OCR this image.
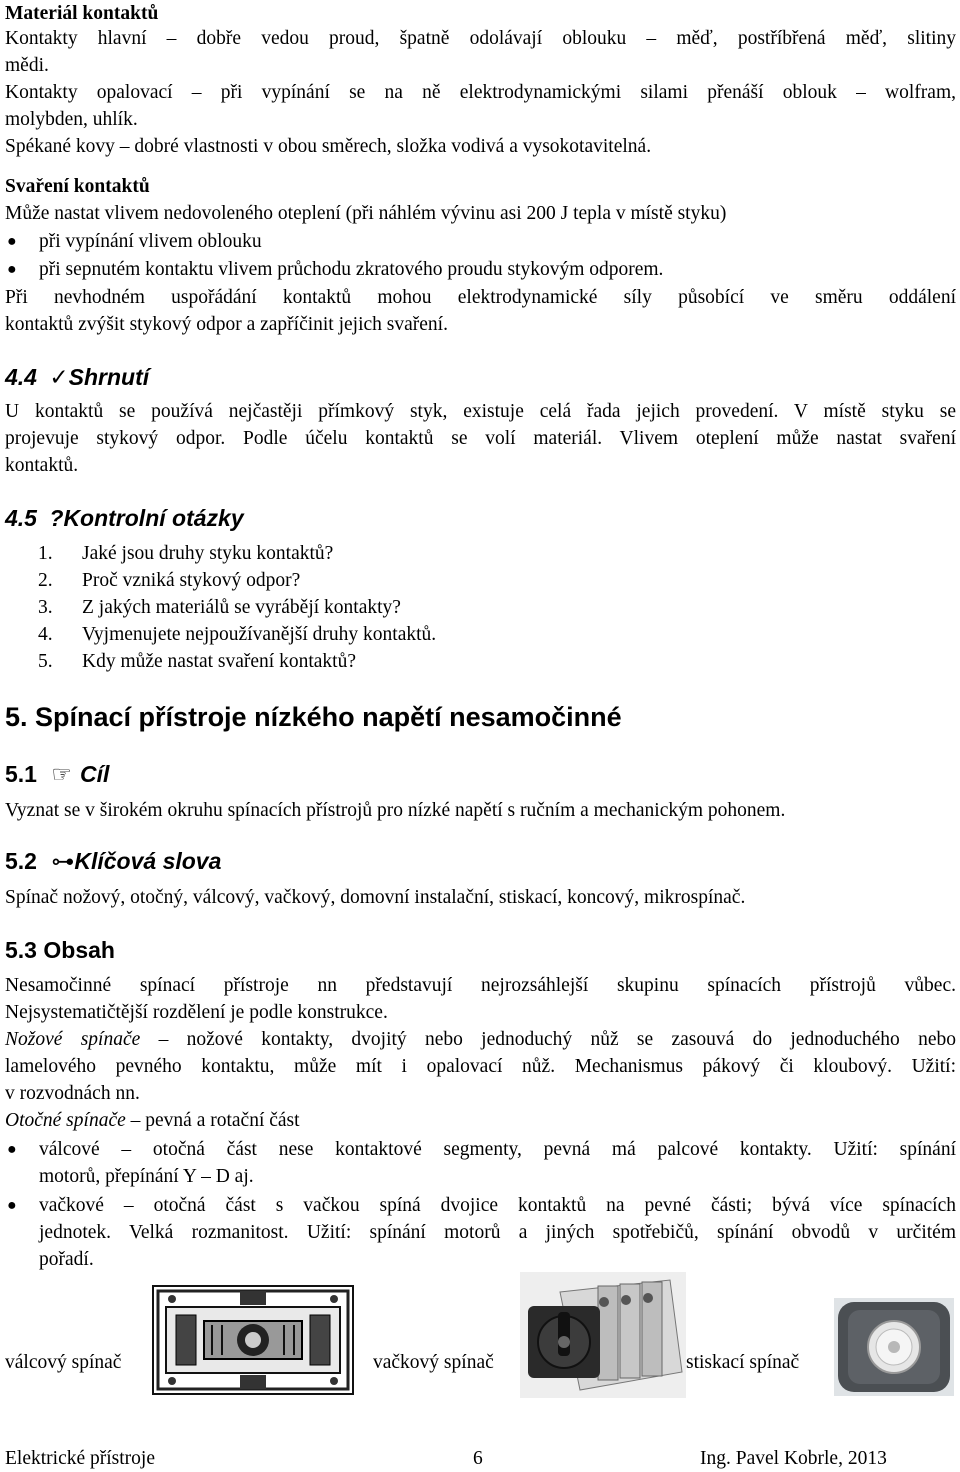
Materiál kontaktů
Kontakty hlavní – dobře vedou proud, špatně odolávají oblouku – měď, postříbřená měď, slitiny
mědi.
Kontakty opalovací – při vypínání se na ně elektrodynamickými silami přenáší oblouk – wolfram,
molybden, uhlík.
Spékané kovy – dobré vlastnosti v obou směrech, složka vodivá a vysokotavitelná.
Svaření kontaktů
Může nastat vlivem nedovoleného oteplení (při náhlém vývinu asi 200 J tepla v místě styku)
● při vypínání vlivem oblouku
● při sepnutém kontaktu vlivem průchodu zkratového proudu stykovým odporem.
Při nevhodném uspořádání kontaktů mohou elektrodynamické síly působící ve směru oddálení
kontaktů zvýšit stykový odpor a zapříčinit jejich svaření.
4.4 ✓Shrnutí
U kontaktů se používá nejčastěji přímkový styk, existuje celá řada jejich provedení. V místě styku se
projevuje stykový odpor. Podle účelu kontaktů se volí materiál. Vlivem oteplení může nastat svaření
kontaktů.
4.5 ?Kontrolní otázky
1. Jaké jsou druhy styku kontaktů?
2. Proč vzniká stykový odpor?
3. Z jakých materiálů se vyrábějí kontakty?
4. Vyjmenujete nejpoužívanější druhy kontaktů.
5. Kdy může nastat svaření kontaktů?
5. Spínací přístroje nízkého napětí nesamočinné
5.1 ☞ Cíl
Vyznat se v širokém okruhu spínacích přístrojů pro nízké napětí s ručním a mechanickým pohonem.
5.2 ⊶Klíčová slova
Spínač nožový, otočný, válcový, vačkový, domovní instalační, stiskací, koncový, mikrospínač.
5.3 Obsah
Nesamočinné spínací přístroje nn představují nejrozsáhlejší skupinu spínacích přístrojů vůbec.
Nejsystematičtější rozdělení je podle konstrukce.
Nožové spínače – nožové kontakty, dvojitý nebo jednoduchý nůž se zasouvá do jednoduchého nebo
lamelového pevného kontaktu, může mít i opalovací nůž. Mechanismus pákový či kloubový. Užití:
v rozvodnách nn.
Otočné spínače – pevná a rotační část
● válcové – otočná část nese kontaktové segmenty, pevná má palcové kontakty. Užití: spínání
motorů, přepínání Y – D aj.
● vačkové – otočná část s vačkou spíná dvojice kontaktů na pevné části; bývá více spínacích
jednotek. Velká rozmanitost. Užití: spínání motorů a jiných spotřebičů, spínání obvodů v určitém
pořadí.
válcový spínač	vačkový spínač	stiskací spínač
Elektrické přístroje	6	Ing. Pavel Kobrle, 2013
